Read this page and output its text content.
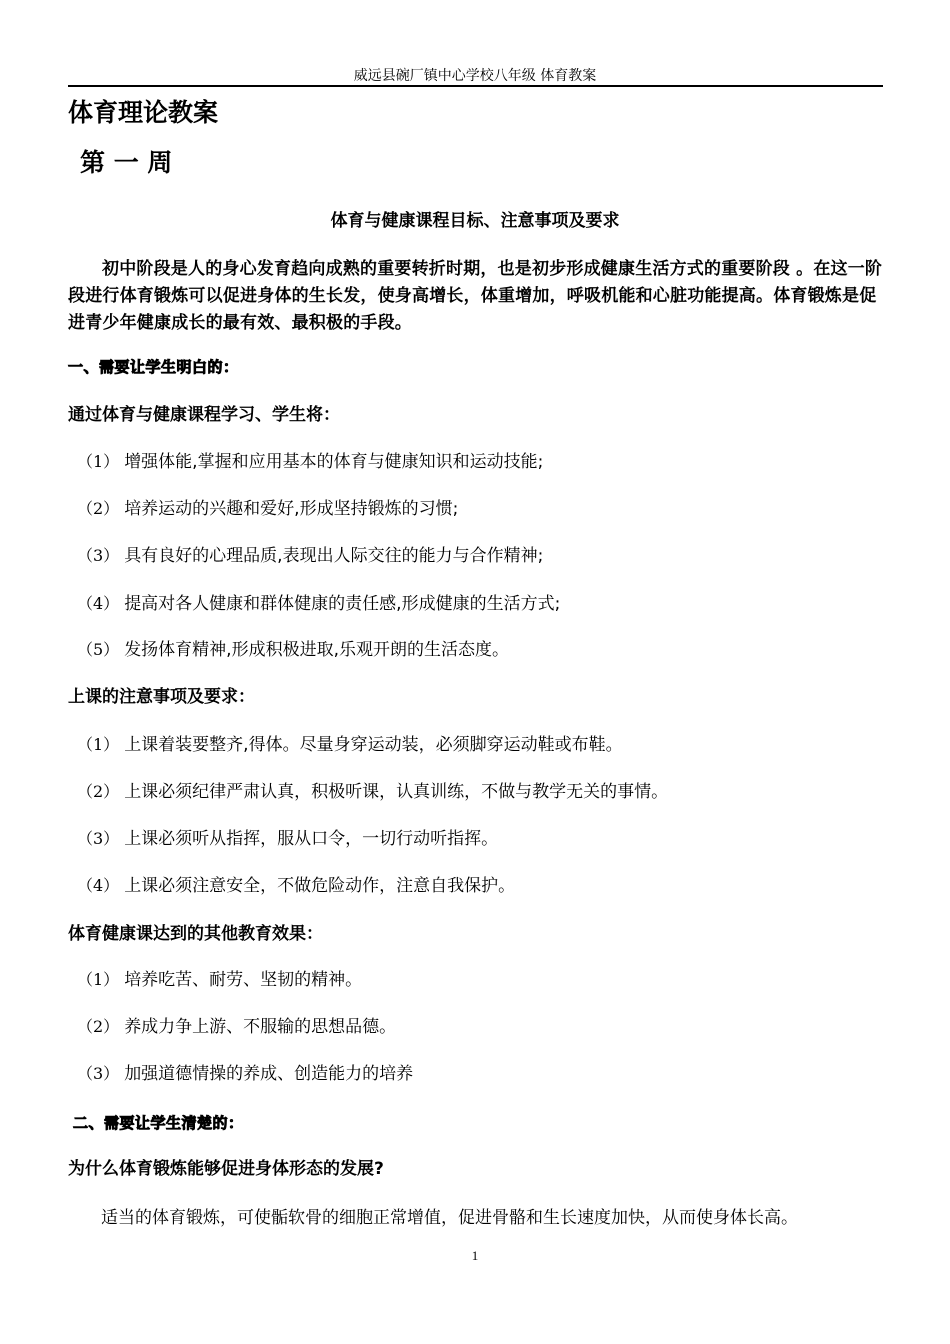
威远县碗厂镇中心学校八年级 体育教案
体育理论教案
第 一 周
体育与健康课程目标、注意事项及要求
初中阶段是人的身心发育趋向成熟的重要转折时期，也是初步形成健康生活方式的重要阶段 。在这一阶段进行体育锻炼可以促进身体的生长发，使身高增长，体重增加，呼吸机能和心脏功能提高。体育锻炼是促进青少年健康成长的最有效、最积极的手段。
一、需要让学生明白的：
通过体育与健康课程学习、学生将：
（1） 增强体能,掌握和应用基本的体育与健康知识和运动技能;
（2） 培养运动的兴趣和爱好,形成坚持锻炼的习惯;
（3） 具有良好的心理品质,表现出人际交往的能力与合作精神;
（4） 提高对各人健康和群体健康的责任感,形成健康的生活方式;
（5） 发扬体育精神,形成积极进取,乐观开朗的生活态度。
上课的注意事项及要求：
（1） 上课着装要整齐,得体。尽量身穿运动装，必须脚穿运动鞋或布鞋。
（2） 上课必须纪律严肃认真，积极听课，认真训练，不做与教学无关的事情。
（3） 上课必须听从指挥，服从口令，一切行动听指挥。
（4） 上课必须注意安全，不做危险动作，注意自我保护。
体育健康课达到的其他教育效果：
（1） 培养吃苦、耐劳、坚韧的精神。
（2） 养成力争上游、不服输的思想品德。
（3） 加强道德情操的养成、创造能力的培养
二、需要让学生清楚的：
为什么体育锻炼能够促进身体形态的发展?
适当的体育锻炼，可使骺软骨的细胞正常增值，促进骨骼和生长速度加快，从而使身体长高。
1
